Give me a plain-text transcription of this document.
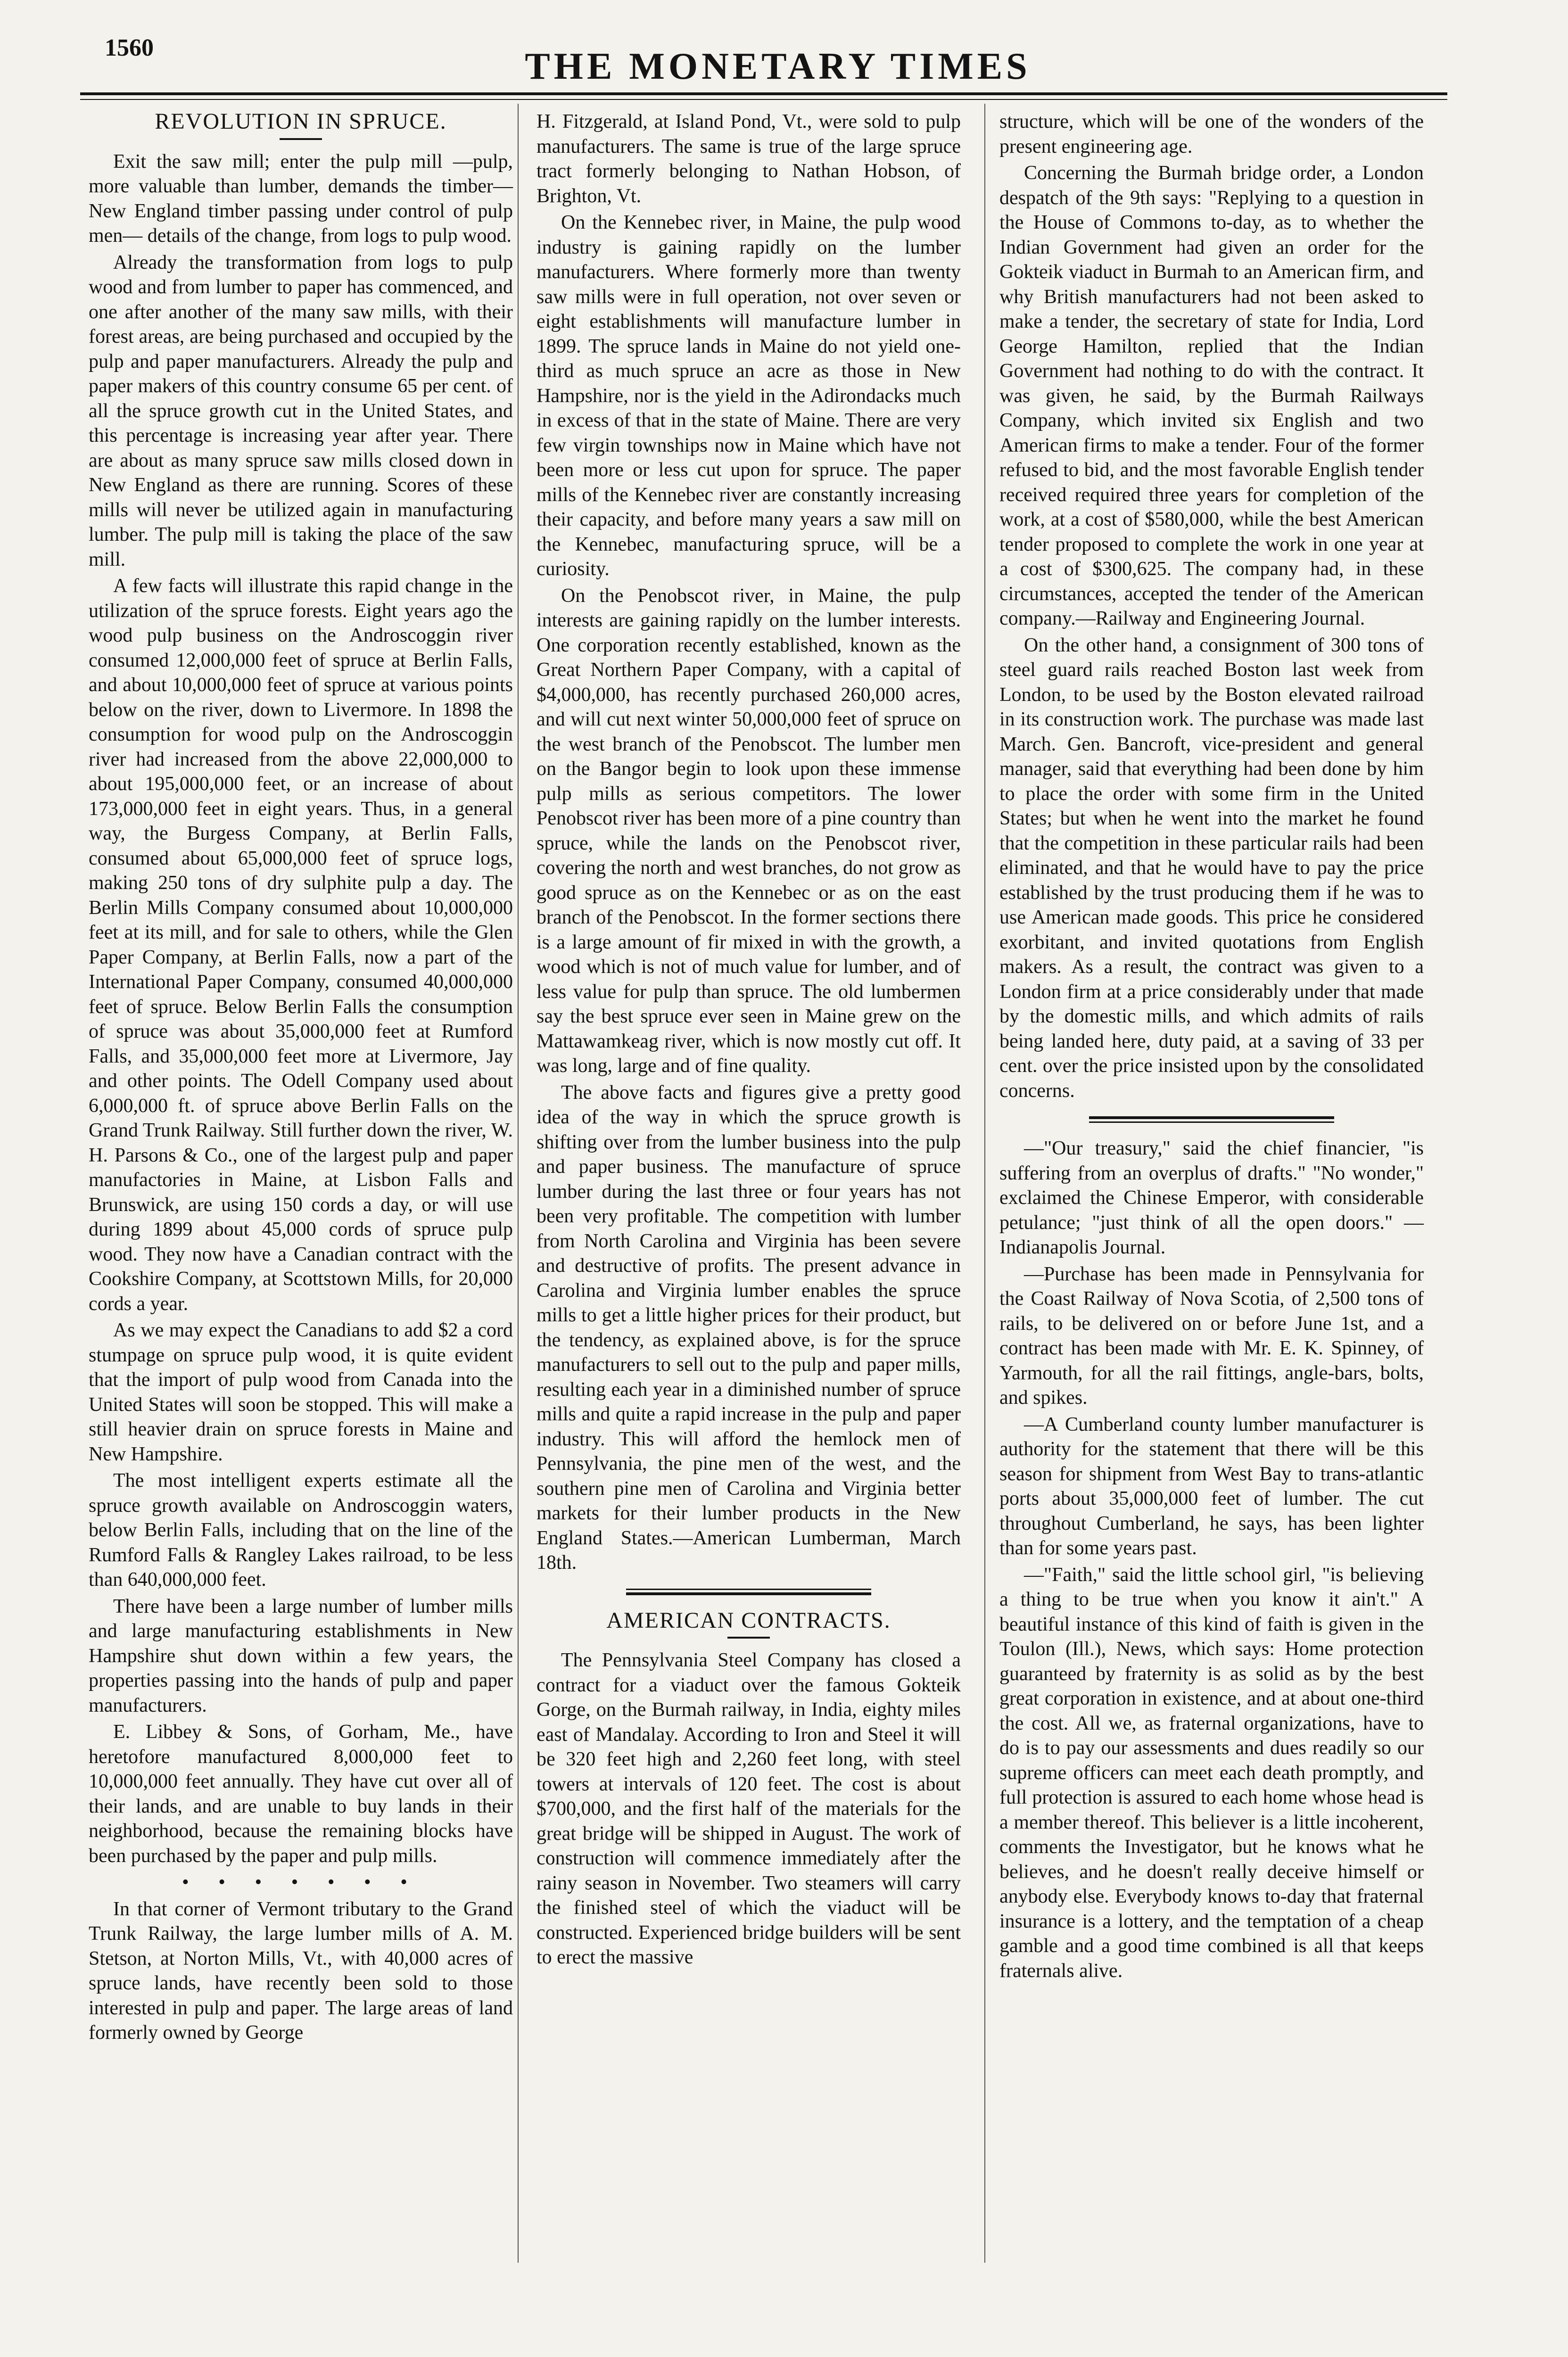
1560	THE MONETARY TIMES
REVOLUTION IN SPRUCE.

Exit the saw mill; enter the pulp mill —pulp, more valuable than lumber, demands the timber—New England timber passing under control of pulp men— details of the change, from logs to pulp wood.

Already the transformation from logs to pulp wood and from lumber to paper has commenced, and one after another of the many saw mills, with their forest areas, are being purchased and occupied by the pulp and paper manufacturers. Already the pulp and paper makers of this country consume 65 per cent. of all the spruce growth cut in the United States, and this percentage is increasing year after year. There are about as many spruce saw mills closed down in New England as there are running. Scores of these mills will never be utilized again in manufacturing lumber. The pulp mill is taking the place of the saw mill.

A few facts will illustrate this rapid change in the utilization of the spruce forests. Eight years ago the wood pulp business on the Androscoggin river consumed 12,000,000 feet of spruce at Berlin Falls, and about 10,000,000 feet of spruce at various points below on the river, down to Livermore. In 1898 the consumption for wood pulp on the Androscoggin river had increased from the above 22,000,000 to about 195,000,000 feet, or an increase of about 173,000,000 feet in eight years. Thus, in a general way, the Burgess Company, at Berlin Falls, consumed about 65,000,000 feet of spruce logs, making 250 tons of dry sulphite pulp a day. The Berlin Mills Company consumed about 10,000,000 feet at its mill, and for sale to others, while the Glen Paper Company, at Berlin Falls, now a part of the International Paper Company, consumed 40,000,000 feet of spruce. Below Berlin Falls the consumption of spruce was about 35,000,000 feet at Rumford Falls, and 35,000,000 feet more at Livermore, Jay and other points. The Odell Company used about 6,000,000 ft. of spruce above Berlin Falls on the Grand Trunk Railway. Still further down the river, W. H. Parsons & Co., one of the largest pulp and paper manufactories in Maine, at Lisbon Falls and Brunswick, are using 150 cords a day, or will use during 1899 about 45,000 cords of spruce pulp wood. They now have a Canadian contract with the Cookshire Company, at Scottstown Mills, for 20,000 cords a year.

As we may expect the Canadians to add $2 a cord stumpage on spruce pulp wood, it is quite evident that the import of pulp wood from Canada into the United States will soon be stopped. This will make a still heavier drain on spruce forests in Maine and New Hampshire.

The most intelligent experts estimate all the spruce growth available on Androscoggin waters, below Berlin Falls, including that on the line of the Rumford Falls & Rangley Lakes railroad, to be less than 640,000,000 feet.

There have been a large number of lumber mills and large manufacturing establishments in New Hampshire shut down within a few years, the properties passing into the hands of pulp and paper manufacturers.

E. Libbey & Sons, of Gorham, Me., have heretofore manufactured 8,000,000 feet to 10,000,000 feet annually. They have cut over all of their lands, and are unable to buy lands in their neighborhood, because the remaining blocks have been purchased by the paper and pulp mills.

• • • • • • •

In that corner of Vermont tributary to the Grand Trunk Railway, the large lumber mills of A. M. Stetson, at Norton Mills, Vt., with 40,000 acres of spruce lands, have recently been sold to those interested in pulp and paper. The large areas of land formerly owned by George

H. Fitzgerald, at Island Pond, Vt., were sold to pulp manufacturers. The same is true of the large spruce tract formerly belonging to Nathan Hobson, of Brighton, Vt.

On the Kennebec river, in Maine, the pulp wood industry is gaining rapidly on the lumber manufacturers. Where formerly more than twenty saw mills were in full operation, not over seven or eight establishments will manufacture lumber in 1899. The spruce lands in Maine do not yield one-third as much spruce an acre as those in New Hampshire, nor is the yield in the Adirondacks much in excess of that in the state of Maine. There are very few virgin townships now in Maine which have not been more or less cut upon for spruce. The paper mills of the Kennebec river are constantly increasing their capacity, and before many years a saw mill on the Kennebec, manufacturing spruce, will be a curiosity.

On the Penobscot river, in Maine, the pulp interests are gaining rapidly on the lumber interests. One corporation recently established, known as the Great Northern Paper Company, with a capital of $4,000,000, has recently purchased 260,000 acres, and will cut next winter 50,000,000 feet of spruce on the west branch of the Penobscot. The lumber men on the Bangor begin to look upon these immense pulp mills as serious competitors. The lower Penobscot river has been more of a pine country than spruce, while the lands on the Penobscot river, covering the north and west branches, do not grow as good spruce as on the Kennebec or as on the east branch of the Penobscot. In the former sections there is a large amount of fir mixed in with the growth, a wood which is not of much value for lumber, and of less value for pulp than spruce. The old lumbermen say the best spruce ever seen in Maine grew on the Mattawamkeag river, which is now mostly cut off. It was long, large and of fine quality.

The above facts and figures give a pretty good idea of the way in which the spruce growth is shifting over from the lumber business into the pulp and paper business. The manufacture of spruce lumber during the last three or four years has not been very profitable. The competition with lumber from North Carolina and Virginia has been severe and destructive of profits. The present advance in Carolina and Virginia lumber enables the spruce mills to get a little higher prices for their product, but the tendency, as explained above, is for the spruce manufacturers to sell out to the pulp and paper mills, resulting each year in a diminished number of spruce mills and quite a rapid increase in the pulp and paper industry. This will afford the hemlock men of Pennsylvania, the pine men of the west, and the southern pine men of Carolina and Virginia better markets for their lumber products in the New England States.—American Lumberman, March 18th.

AMERICAN CONTRACTS.

The Pennsylvania Steel Company has closed a contract for a viaduct over the famous Gokteik Gorge, on the Burmah railway, in India, eighty miles east of Mandalay. According to Iron and Steel it will be 320 feet high and 2,260 feet long, with steel towers at intervals of 120 feet. The cost is about $700,000, and the first half of the materials for the great bridge will be shipped in August. The work of construction will commence immediately after the rainy season in November. Two steamers will carry the finished steel of which the viaduct will be constructed. Experienced bridge builders will be sent to erect the massive

structure, which will be one of the wonders of the present engineering age.

Concerning the Burmah bridge order, a London despatch of the 9th says: "Replying to a question in the House of Commons to-day, as to whether the Indian Government had given an order for the Gokteik viaduct in Burmah to an American firm, and why British manufacturers had not been asked to make a tender, the secretary of state for India, Lord George Hamilton, replied that the Indian Government had nothing to do with the contract. It was given, he said, by the Burmah Railways Company, which invited six English and two American firms to make a tender. Four of the former refused to bid, and the most favorable English tender received required three years for completion of the work, at a cost of $580,000, while the best American tender proposed to complete the work in one year at a cost of $300,625. The company had, in these circumstances, accepted the tender of the American company.—Railway and Engineering Journal.

On the other hand, a consignment of 300 tons of steel guard rails reached Boston last week from London, to be used by the Boston elevated railroad in its construction work. The purchase was made last March. Gen. Bancroft, vice-president and general manager, said that everything had been done by him to place the order with some firm in the United States; but when he went into the market he found that the competition in these particular rails had been eliminated, and that he would have to pay the price established by the trust producing them if he was to use American made goods. This price he considered exorbitant, and invited quotations from English makers. As a result, the contract was given to a London firm at a price considerably under that made by the domestic mills, and which admits of rails being landed here, duty paid, at a saving of 33 per cent. over the price insisted upon by the consolidated concerns.

—"Our treasury," said the chief financier, "is suffering from an overplus of drafts." "No wonder," exclaimed the Chinese Emperor, with considerable petulance; "just think of all the open doors." —Indianapolis Journal.

—Purchase has been made in Pennsylvania for the Coast Railway of Nova Scotia, of 2,500 tons of rails, to be delivered on or before June 1st, and a contract has been made with Mr. E. K. Spinney, of Yarmouth, for all the rail fittings, angle-bars, bolts, and spikes.

—A Cumberland county lumber manufacturer is authority for the statement that there will be this season for shipment from West Bay to trans-atlantic ports about 35,000,000 feet of lumber. The cut throughout Cumberland, he says, has been lighter than for some years past.

—"Faith," said the little school girl, "is believing a thing to be true when you know it ain't." A beautiful instance of this kind of faith is given in the Toulon (Ill.), News, which says: Home protection guaranteed by fraternity is as solid as by the best great corporation in existence, and at about one-third the cost. All we, as fraternal organizations, have to do is to pay our assessments and dues readily so our supreme officers can meet each death promptly, and full protection is assured to each home whose head is a member thereof. This believer is a little incoherent, comments the Investigator, but he knows what he believes, and he doesn't really deceive himself or anybody else. Everybody knows to-day that fraternal insurance is a lottery, and the temptation of a cheap gamble and a good time combined is all that keeps fraternals alive.
